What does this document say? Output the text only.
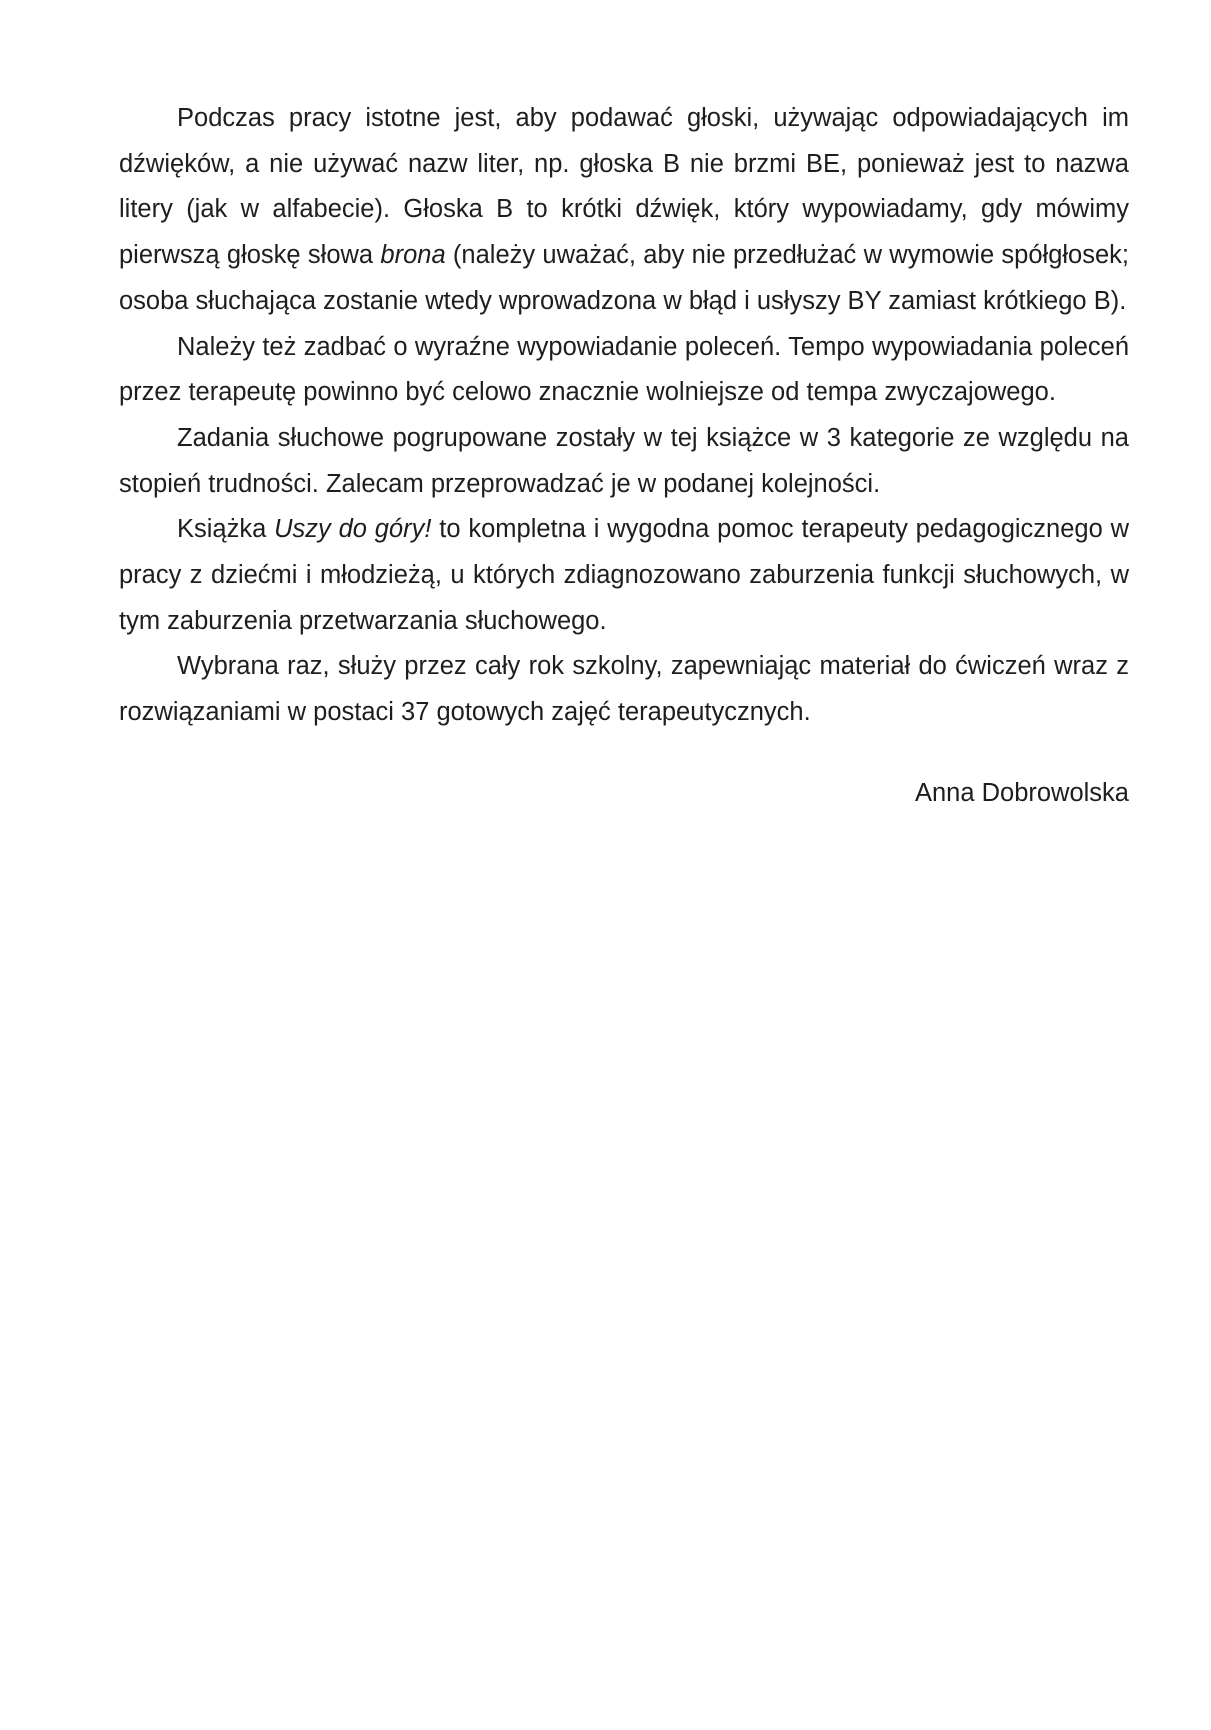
Podczas pracy istotne jest, aby podawać głoski, używając odpowiadających im dźwięków, a nie używać nazw liter, np. głoska B nie brzmi BE, ponieważ jest to nazwa litery (jak w alfabecie). Głoska B to krótki dźwięk, który wypowiadamy, gdy mówimy pierwszą głoskę słowa brona (należy uważać, aby nie przedłużać w wymowie spółgłosek; osoba słuchająca zostanie wtedy wprowadzona w błąd i usłyszy BY zamiast krótkiego B).

Należy też zadbać o wyraźne wypowiadanie poleceń. Tempo wypowiadania poleceń przez terapeutę powinno być celowo znacznie wolniejsze od tempa zwyczajowego.

Zadania słuchowe pogrupowane zostały w tej książce w 3 kategorie ze względu na stopień trudności. Zalecam przeprowadzać je w podanej kolejności.

Książka Uszy do góry! to kompletna i wygodna pomoc terapeuty pedagogicznego w pracy z dziećmi i młodzieżą, u których zdiagnozowano zaburzenia funkcji słuchowych, w tym zaburzenia przetwarzania słuchowego.

Wybrana raz, służy przez cały rok szkolny, zapewniając materiał do ćwiczeń wraz z rozwiązaniami w postaci 37 gotowych zajęć terapeutycznych.

Anna Dobrowolska
